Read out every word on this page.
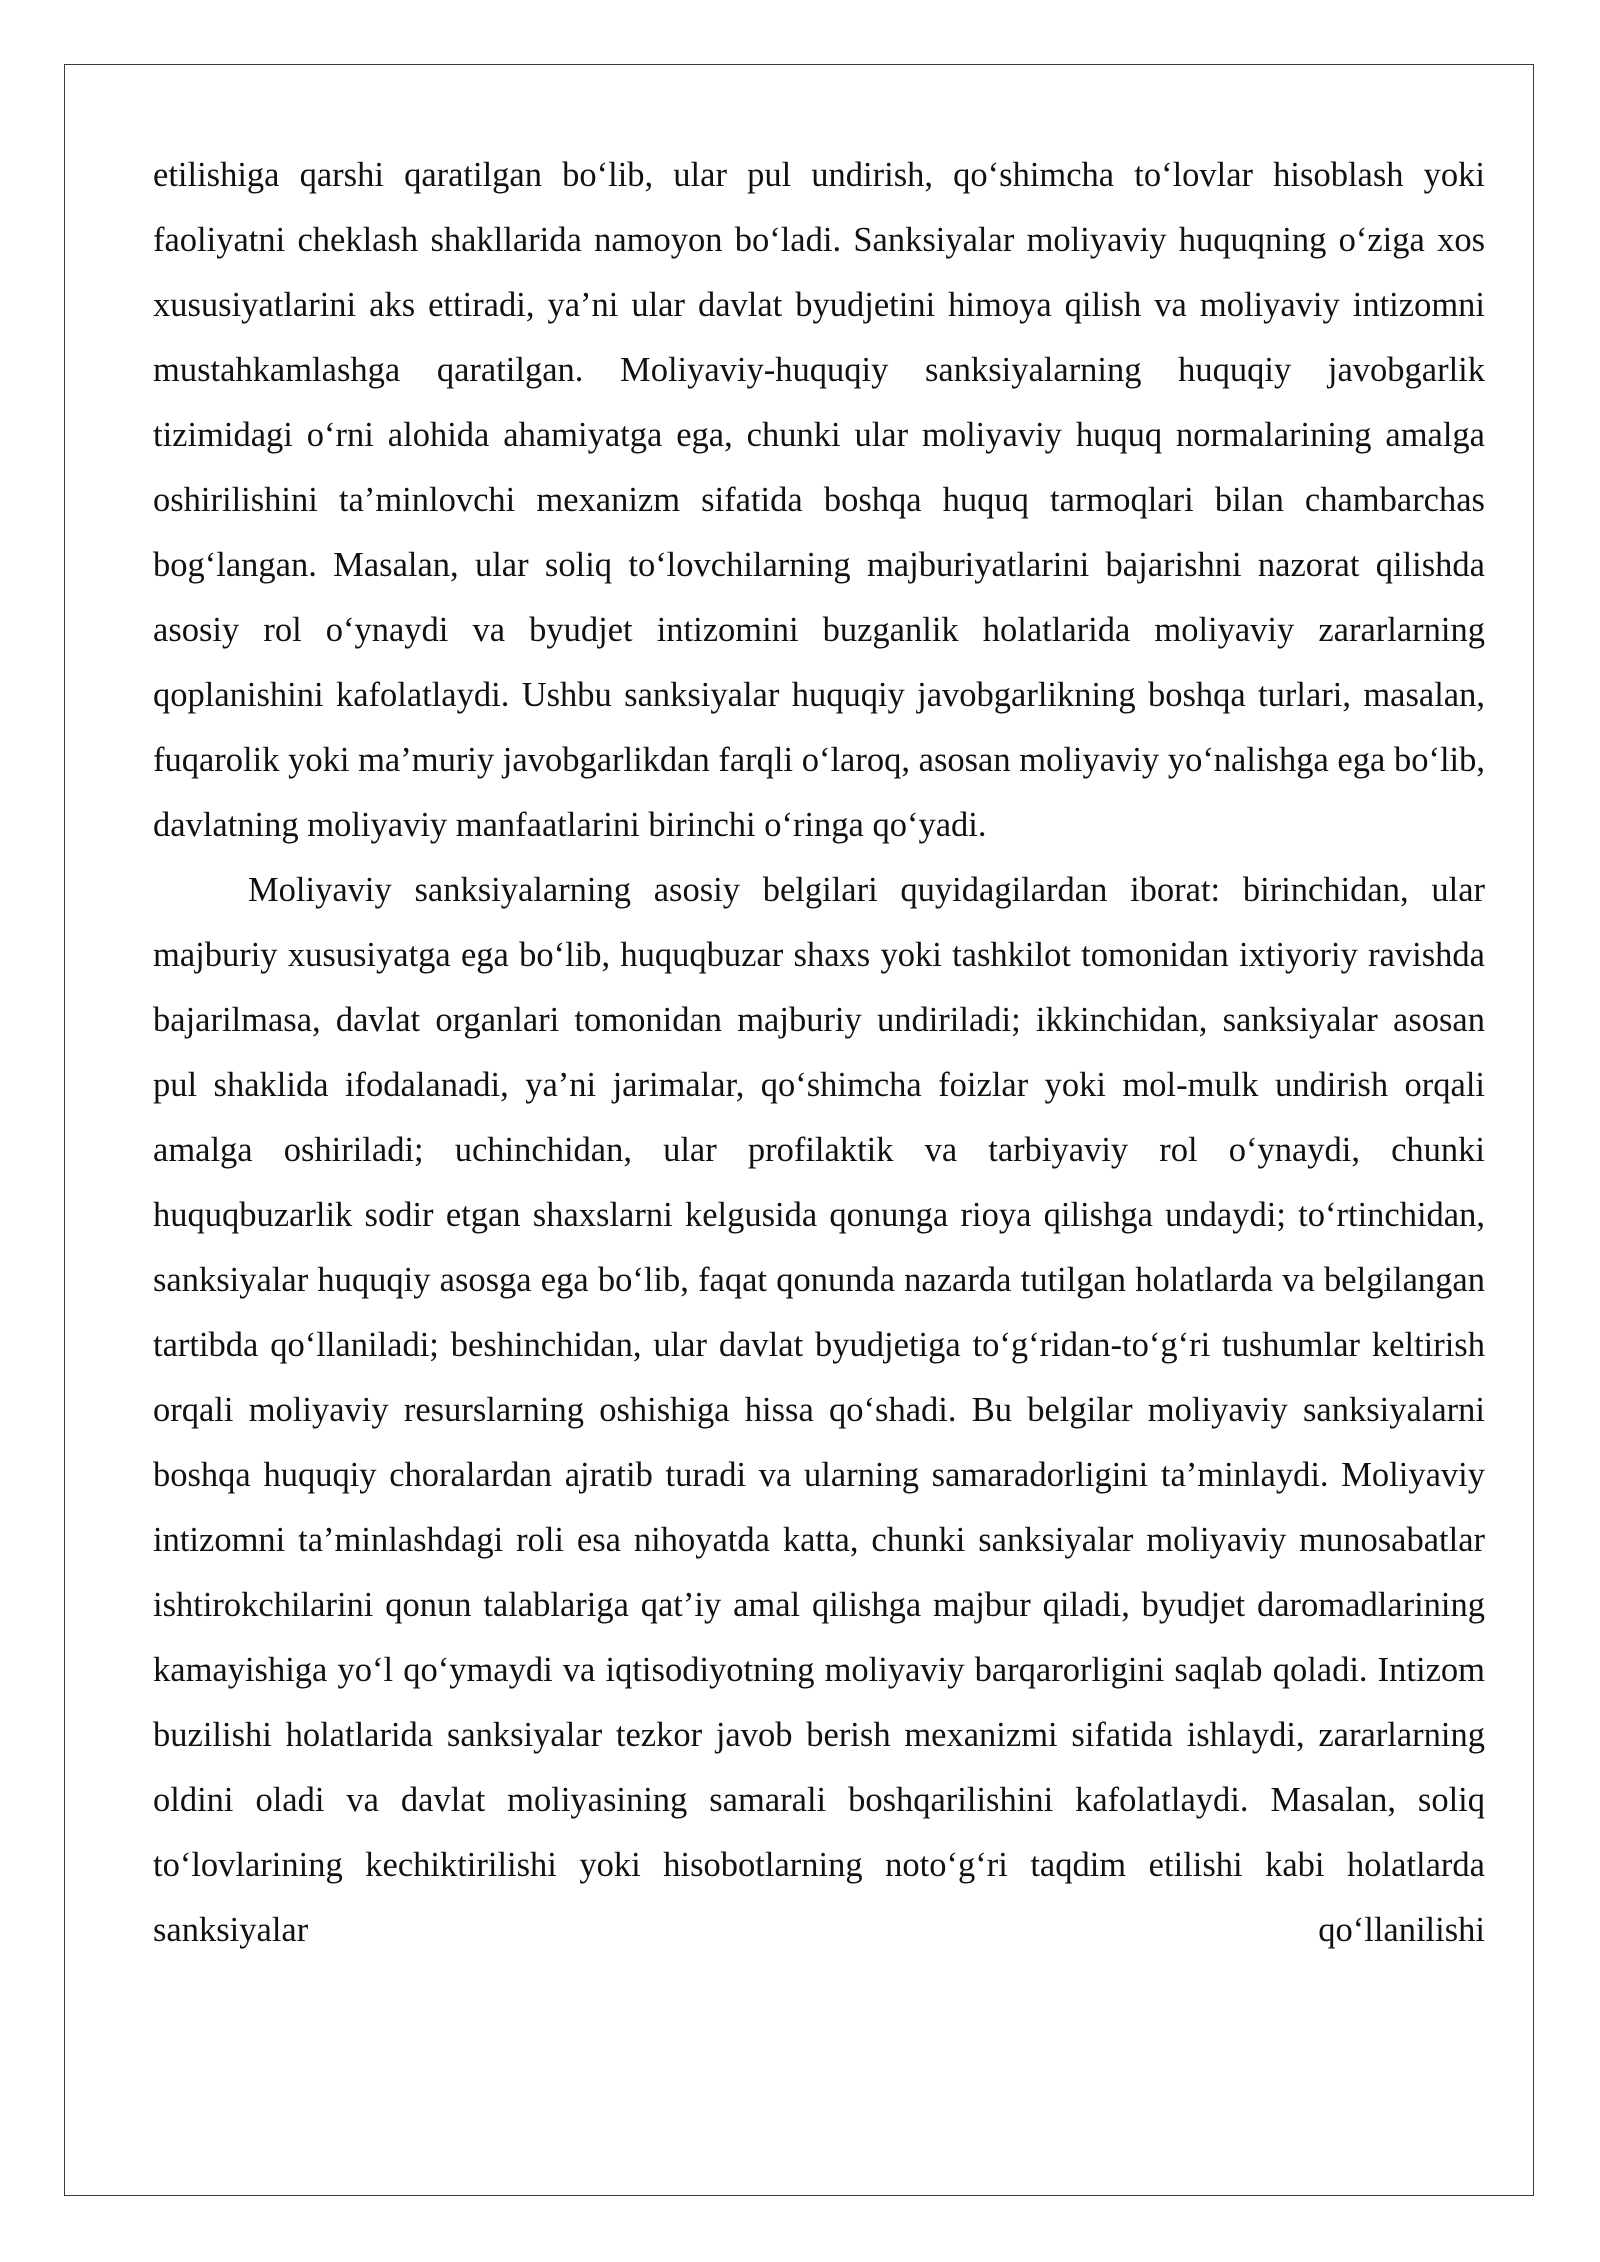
etilishiga qarshi qaratilgan bo‘lib, ular pul undirish, qo‘shimcha to‘lovlar hisoblash yoki faoliyatni cheklash shakllarida namoyon bo‘ladi. Sanksiyalar moliyaviy huquqning o‘ziga xos xususiyatlarini aks ettiradi, ya’ni ular davlat byudjetini himoya qilish va moliyaviy intizomni mustahkamlashga qaratilgan. Moliyaviy-huquqiy sanksiyalarning huquqiy javobgarlik tizimidagi o‘rni alohida ahamiyatga ega, chunki ular moliyaviy huquq normalarining amalga oshirilishini ta’minlovchi mexanizm sifatida boshqa huquq tarmoqlari bilan chambarchas bog‘langan. Masalan, ular soliq to‘lovchilarning majburiyatlarini bajarishni nazorat qilishda asosiy rol o‘ynaydi va byudjet intizomini buzganlik holatlarida moliyaviy zararlarning qoplanishini kafolatlaydi. Ushbu sanksiyalar huquqiy javobgarlikning boshqa turlari, masalan, fuqarolik yoki ma’muriy javobgarlikdan farqli o‘laroq, asosan moliyaviy yo‘nalishga ega bo‘lib, davlatning moliyaviy manfaatlarini birinchi o‘ringa qo‘yadi.

Moliyaviy sanksiyalarning asosiy belgilari quyidagilardan iborat: birinchidan, ular majburiy xususiyatga ega bo‘lib, huquqbuzar shaxs yoki tashkilot tomonidan ixtiyoriy ravishda bajarilmasa, davlat organlari tomonidan majburiy undiriladi; ikkinchidan, sanksiyalar asosan pul shaklida ifodalanadi, ya’ni jarimalar, qo‘shimcha foizlar yoki mol-mulk undirish orqali amalga oshiriladi; uchinchidan, ular profilaktik va tarbiyaviy rol o‘ynaydi, chunki huquqbuzarlik sodir etgan shaxslarni kelgusida qonunga rioya qilishga undaydi; to‘rtinchidan, sanksiyalar huquqiy asosga ega bo‘lib, faqat qonunda nazarda tutilgan holatlarda va belgilangan tartibda qo‘llaniladi; beshinchidan, ular davlat byudjetiga to‘g‘ridan-to‘g‘ri tushumlar keltirish orqali moliyaviy resurslarning oshishiga hissa qo‘shadi. Bu belgilar moliyaviy sanksiyalarni boshqa huquqiy choralardan ajratib turadi va ularning samaradorligini ta’minlaydi. Moliyaviy intizomni ta’minlashdagi roli esa nihoyatda katta, chunki sanksiyalar moliyaviy munosabatlar ishtirokchilarini qonun talablariga qat’iy amal qilishga majbur qiladi, byudjet daromadlarining kamayishiga yo‘l qo‘ymaydi va iqtisodiyotning moliyaviy barqarorligini saqlab qoladi. Intizom buzilishi holatlarida sanksiyalar tezkor javob berish mexanizmi sifatida ishlaydi, zararlarning oldini oladi va davlat moliyasining samarali boshqarilishini kafolatlaydi. Masalan, soliq to‘lovlarining kechiktirilishi yoki hisobotlarning noto‘g‘ri taqdim etilishi kabi holatlarda sanksiyalar qo‘llanilishi
